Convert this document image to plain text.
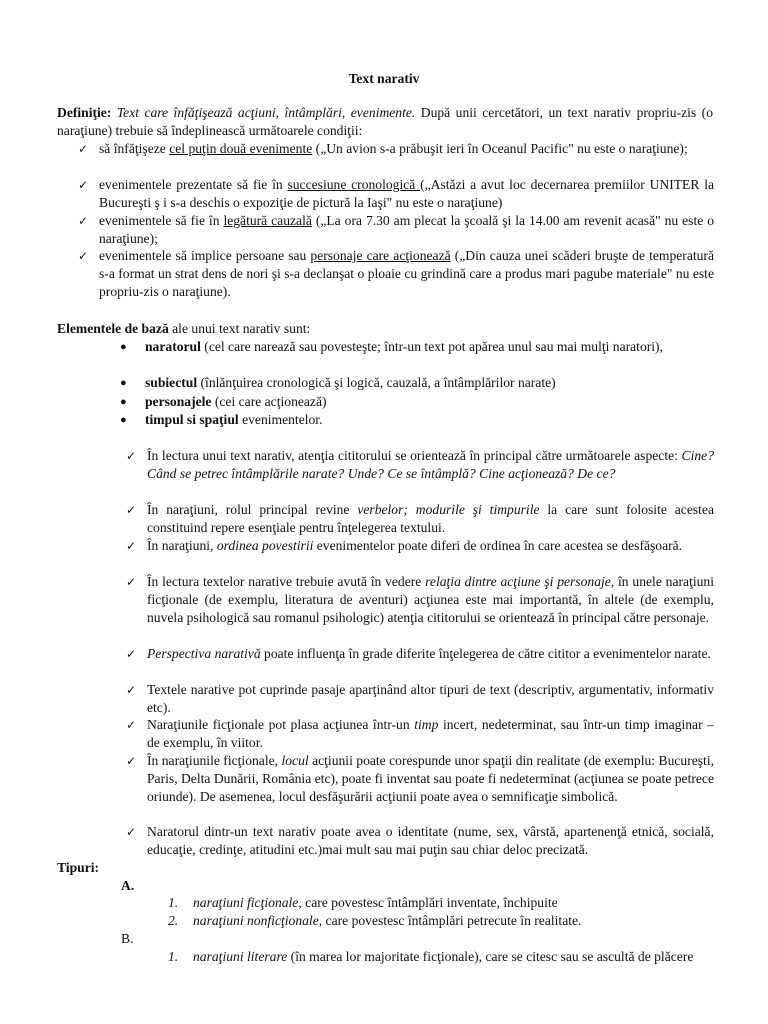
Text narativ
Definiţie: Text care înfăţişează acţiuni, întâmplări, evenimente. După unii cercetători, un text narativ propriu-zis (o naraţiune) trebuie să îndeplinească următoarele condiţii:
✓ să înfăţişeze cel puţin două evenimente („Un avion s-a prăbuşit ieri în Oceanul Pacific" nu este o naraţiune);
✓ evenimentele prezentate să fie în succesiune cronologică („Astăzi a avut loc decernarea premiilor UNITER la Bucureşti ş i s-a deschis o expoziţie de pictură la Iaşi" nu este o naraţiune)
✓ evenimentele să fie în legătură cauzală („La ora 7.30 am plecat la şcoală şi la 14.00 am revenit acasă" nu este o naraţiune);
✓ evenimentele să implice persoane sau personaje care acţionează („Din cauza unei scăderi bruşte de temperatură s-a format un strat dens de nori şi s-a declanşat o ploaie cu grindină care a produs mari pagube materiale" nu este propriu-zis o naraţiune).
Elementele de bază ale unui text narativ sunt:
●	naratorul (cel care narează sau povesteşte; într-un text pot apărea unul sau mai mulţi naratori),
●	subiectul (înlănţuirea cronologică şi logică, cauzală, a întâmplărilor narate)
●	personajele (cei care acţionează)
●	timpul si spaţiul evenimentelor.
✓ În lectura unui text narativ, atenţia cititorului se orientează în principal către următoarele aspecte: Cine? Când se petrec întâmplările narate? Unde? Ce se întâmplă? Cine acţionează? De ce?
✓ În naraţiuni, rolul principal revine verbelor; modurile şi timpurile la care sunt folosite acestea constituind repere esenţiale pentru înţelegerea textului.
✓ În naraţiuni, ordinea povestirii evenimentelor poate diferi de ordinea în care acestea se desfăşoară.
✓ În lectura textelor narative trebuie avută în vedere relaţia dintre acţiune şi personaje, în unele naraţiuni ficţionale (de exemplu, literatura de aventuri) acţiunea este mai importantă, în altele (de exemplu, nuvela psihologică sau romanul psihologic) atenţia cititorului se orientează în principal către personaje.
✓ Perspectiva narativă poate influenţa în grade diferite înţelegerea de către cititor a evenimentelor narate.
✓ Textele narative pot cuprinde pasaje aparţinând altor tipuri de text (descriptiv, argumentativ, informativ etc).
✓ Naraţiunile ficţionale pot plasa acţiunea într-un timp incert, nedeterminat, sau într-un timp imaginar – de exemplu, în viitor.
✓ În naraţiunile ficţionale, locul acţiunii poate corespunde unor spaţii din realitate (de exemplu: Bucureşti, Paris, Delta Dunării, România etc), poate fi inventat sau poate fi nedeterminat (acţiunea se poate petrece oriunde). De asemenea, locul desfăşurării acţiunii poate avea o semnificaţie simbolică.
✓ Naratorul dintr-un text narativ poate avea o identitate (nume, sex, vârstă, apartenenţă etnică, socială, educaţie, credinţe, atitudini etc.)mai mult sau mai puţin sau chiar deloc precizată.
Tipuri:
A.
1. naraţiuni ficţionale, care povestesc întâmplări inventate, închipuite
2. naraţiuni nonficţionale, care povestesc întâmplări petrecute în realitate.
B.
1. naraţiuni literare (în marea lor majoritate ficţionale), care se citesc sau se ascultă de plăcere
